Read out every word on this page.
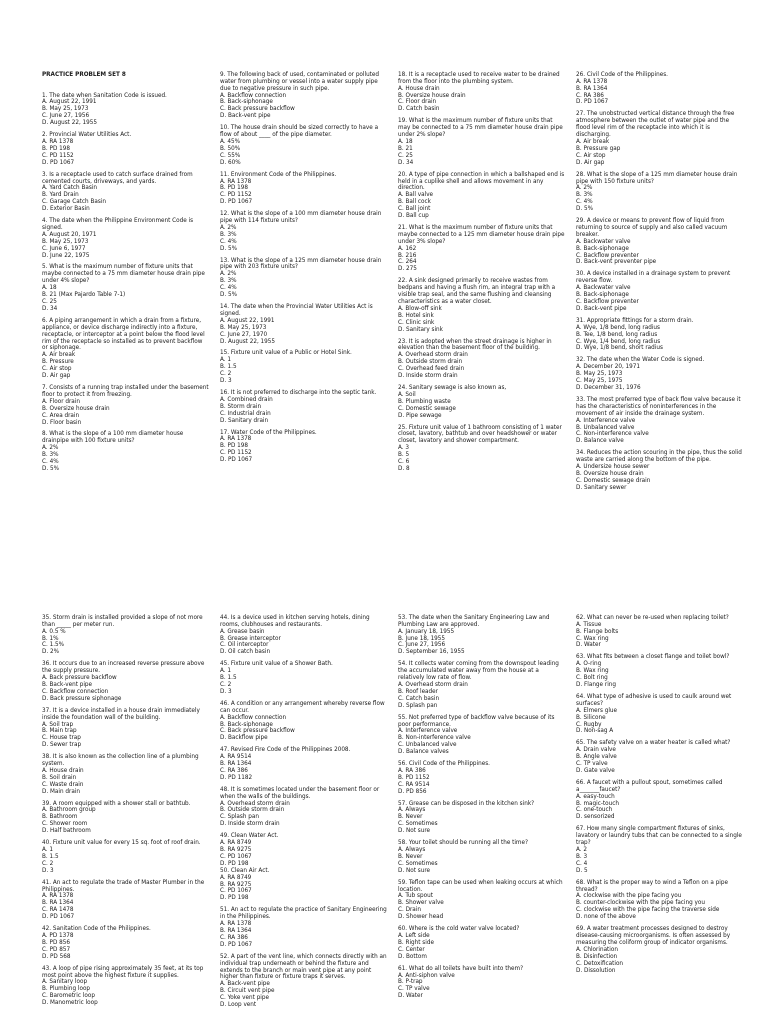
PRACTICE PROBLEM SET 8

1. The date when Sanitation Code is issued.
A. August 22, 1991
B. May 25, 1973
C. June 27, 1956
D. August 22, 1955
2. Provincial Water Utilities Act.
A. RA 1378
B. PD 198
C. PD 1152
D. PD 1067
3. Is a receptacle used to catch surface drained from cemented courts, driveways, and yards.
A. Yard Catch Basin
B. Yard Drain
C. Garage Catch Basin
D. Exterior Basin
4. The date when the Philippine Environment Code is signed.
A. August 20, 1971
B. May 25, 1973
C. June 6, 1977
D. June 22, 1975
5. What is the maximum number of fixture units that maybe connected to a 75 mm diameter house drain pipe under 4% slope?
A. 18
B. 21 (Max Pajardo Table 7-1)
C. 25
D. 34
6. A piping arrangement in which a drain from a fixture, appliance, or device discharge indirectly into a fixture, receptacle, or interceptor at a point below the flood level rim of the receptacle so installed as to prevent backflow or siphonage.
A. Air break
B. Pressure
C. Air stop
D. Air gap
7. Consists of a running trap installed under the basement floor to protect it from freezing.
A. Floor drain
B. Oversize house drain
C. Area drain
D. Floor basin
8. What is the slope of a 100 mm diameter house drainpipe with 100 fixture units?
A. 2%
B. 3%
C. 4%
D. 5%

9. The following back of used, contaminated or polluted water from plumbing or vessel into a water supply pipe due to negative pressure in such pipe.
A. Backflow connection
B. Back-siphonage
C. Back pressure backflow
D. Back-vent pipe
10. The house drain should be sized correctly to have a flow of about ____ of the pipe diameter.
A. 45%
B. 50%
C. 55%
D. 60%
11. Environment Code of the Philippines.
A. RA 1378
B. PD 198
C. PD 1152
D. PD 1067
12. What is the slope of a 100 mm diameter house drain pipe with 114 fixture units?
A. 2%
B. 3%
C. 4%
D. 5%
13. What is the slope of a 125 mm diameter house drain pipe with 203 fixture units?
A. 2%
B. 3%
C. 4%
D. 5%
14. The date when the Provincial Water Utilities Act is signed.
A. August 22, 1991
B. May 25, 1973
C. June 27, 1970
D. August 22, 1955
15. Fixture unit value of a Public or Hotel Sink.
A. 1
B. 1.5
C. 2
D. 3
16. It is not preferred to discharge into the septic tank.
A. Combined drain
B. Storm drain
C. Industrial drain
D. Sanitary drain
17. Water Code of the Philippines.
A. RA 1378
B. PD 198
C. PD 1152
D. PD 1067

18. It is a receptacle used to receive water to be drained from the floor into the plumbing system.
A. House drain
B. Oversize house drain
C. Floor drain
D. Catch basin
19. What is the maximum number of fixture units that may be connected to a 75 mm diameter house drain pipe under 2% slope?
A. 18
B. 21
C. 25
D. 34
20. A type of pipe connection in which a ballshaped end is held in a cuplike shell and allows movement in any direction.
A. Ball valve
B. Ball cock
C. Ball joint
D. Ball cup
21. What is the maximum number of fixture units that maybe connected to a 125 mm diameter house drain pipe under 3% slope?
A. 162
B. 216
C. 264
D. 275
22. A sink designed primarily to receive wastes from bedpans and having a flush rim, an integral trap with a visible trap seal, and the same flushing and cleansing characteristics as a water closet.
A. Blow-off sink
B. Hotel sink
C. Clinic sink
D. Sanitary sink
23. It is adopted when the street drainage is higher in elevation than the basement floor of the building.
A. Overhead storm drain
B. Outside storm drain
C. Overhead feed drain
D. Inside storm drain
24. Sanitary sewage is also known as,
A. Soil
B. Plumbing waste
C. Domestic sewage
D. Pipe sewage
25. Fixture unit value of 1 bathroom consisting of 1 water closet, lavatory, bathtub and over headshower or water closet, lavatory and shower compartment.
A. 3
B. 5
C. 6
D. 8

26. Civil Code of the Philippines.
A. RA 1378
B. RA 1364
C. RA 386
D. PD 1067
27. The unobstructed vertical distance through the free atmosphere between the outlet of water pipe and the flood level rim of the receptacle into which it is discharging.
A. Air break
B. Pressure gap
C. Air stop
D. Air gap
28. What is the slope of a 125 mm diameter house drain pipe with 150 fixture units?
A. 2%
B. 3%
C. 4%
D. 5%
29. A device or means to prevent flow of liquid from returning to source of supply and also called vacuum breaker.
A. Backwater valve
B. Back-siphonage
C. Backflow preventer
D. Back-vent preventer pipe
30. A device installed in a drainage system to prevent reverse flow.
A. Backwater valve
B. Back-siphonage
C. Backflow preventer
D. Back-vent pipe
31. Appropriate fittings for a storm drain.
A. Wye, 1/8 bend, long radius
B. Tee, 1/8 bend, long radius
C. Wye, 1/4 bend, long radius
D. Wye, 1/8 bend, short radius
32. The date when the Water Code is signed.
A. December 20, 1971
B. May 25, 1973
C. May 25, 1975
D. December 31, 1976
33. The most preferred type of back flow valve because it has the characteristics of noninterferences in the movement of air inside the drainage system.
A. Interference valve
B. Unbalanced valve
C. Non-interference valve
D. Balance valve
34. Reduces the action scouring in the pipe, thus the solid waste are carried along the bottom of the pipe.
A. Undersize house sewer
B. Oversize house drain
C. Domestic sewage drain
D. Sanitary sewer

35. Storm drain is installed provided a slope of not more than _____ per meter run.
A. 0.5 %
B. 1%
C. 1.5%
D. 2%
36. It occurs due to an increased reverse pressure above the supply pressure.
A. Back pressure backflow
B. Back-vent pipe
C. Backflow connection
D. Back pressure siphonage
37. It is a device installed in a house drain immediately inside the foundation wall of the building.
A. Soil trap
B. Main trap
C. House trap
D. Sewer trap
38. It is also known as the collection line of a plumbing system.
A. House drain
B. Soil drain
C. Waste drain
D. Main drain
39. A room equipped with a shower stall or bathtub.
A. Bathroom group
B. Bathroom
C. Shower room
D. Half bathroom
40. Fixture unit value for every 15 sq. foot of roof drain.
A. 1
B. 1.5
C. 2
D. 3
41. An act to regulate the trade of Master Plumber in the Philippines.
A. RA 1378
B. RA 1364
C. RA 1478
D. PD 1067
42. Sanitation Code of the Philippines.
A. PD 1378
B. PD 856
C. PD 857
D. PD 568
43. A loop of pipe rising approximately 35 feet, at its top most point above the highest fixture it supplies.
A. Sanitary loop
B. Plumbing loop
C. Barometric loop
D. Manometric loop

44. Is a device used in kitchen serving hotels, dining rooms, clubhouses and restaurants.
A. Grease basin
B. Grease interceptor
C. Oil interceptor
D. Oil catch basin
45. Fixture unit value of a Shower Bath.
A. 1
B. 1.5
C. 2
D. 3
46. A condition or any arrangement whereby reverse flow can occur.
A. Backflow connection
B. Back-siphonage
C. Back pressure backflow
D. Backflow pipe
47. Revised Fire Code of the Philippines 2008.
A. RA 9514
B. RA 1364
C. RA 386
D. PD 1182
48. It is sometimes located under the basement floor or when the walls of the buildings.
A. Overhead storm drain
B. Outside storm drain
C. Splash pan
D. Inside storm drain
49. Clean Water Act.
A. RA 8749
B. RA 9275
C. PD 1067
D. PD 198
50. Clean Air Act.
A. RA 8749
B. RA 9275
C. PD 1067
D. PD 198
51. An act to regulate the practice of Sanitary Engineering in the Philippines.
A. RA 1378
B. RA 1364
C. RA 386
D. PD 1067
52. A part of the vent line, which connects directly with an individual trap underneath or behind the fixture and extends to the branch or main vent pipe at any point higher than fixture or fixture traps it serves.
A. Back-vent pipe
B. Circuit vent pipe
C. Yoke vent pipe
D. Loop vent

53. The date when the Sanitary Engineering Law and Plumbing Law are approved.
A. January 18, 1955
B. June 18, 1955
C. June 27, 1956
D. September 16, 1955
54. It collects water coming from the downspout leading the accumulated water away from the house at a relatively low rate of flow.
A. Overhead storm drain
B. Roof leader
C. Catch basin
D. Splash pan
55. Not preferred type of backflow valve because of its poor performance.
A. Interference valve
B. Non-interference valve
C. Unbalanced valve
D. Balance valves
56. Civil Code of the Philippines.
A. RA 386
B. PD 1152
C. RA 9514
D. PD 856
57. Grease can be disposed in the kitchen sink?
A. Always
B. Never
C. Sometimes
D. Not sure
58. Your toilet should be running all the time?
A. Always
B. Never
C. Sometimes
D. Not sure
59. Teflon tape can be used when leaking occurs at which location.
A. Tub spout
B. Shower valve
C. Drain
D. Shower head
60. Where is the cold water valve located?
A. Left side
B. Right side
C. Center
D. Bottom
61. What do all toilets have built into them?
A. Anti-siphon valve
B. P-trap
C. TP valve
D. Water

62. What can never be re-used when replacing toilet?
A. Tissue
B. Flange bolts
C. Wax ring
D. Water
63. What fits between a closet flange and toilet bowl?
A. O-ring
B. Wax ring
C. Bolt ring
D. Flange ring
64. What type of adhesive is used to caulk around wet surfaces?
A. Elmers glue
B. Silicone
C. Rugby
D. Non-sag A
65. The safety valve on a water heater is called what?
A. Drain valve
B. Angle valve
C. TP valve
D. Gate valve
66. A faucet with a pullout spout, sometimes called a_______faucet?
A. easy-touch
B. magic-touch
C. one-touch
D. sensorized
67. How many single compartment fixtures of sinks, lavatory or laundry tubs that can be connected to a single trap?
A. 2
B. 3
C. 4
D. 5
68. What is the proper way to wind a Teflon on a pipe thread?
A. clockwise with the pipe facing you
B. counter-clockwise with the pipe facing you
C. clockwise with the pipe facing the traverse side
D. none of the above
69. A water treatment processes designed to destroy disease-causing microorganisms. Is often assessed by measuring the coliform group of indicator organisms.
A. Chlorination
B. Disinfection
C. Detoxification
D. Dissolution
